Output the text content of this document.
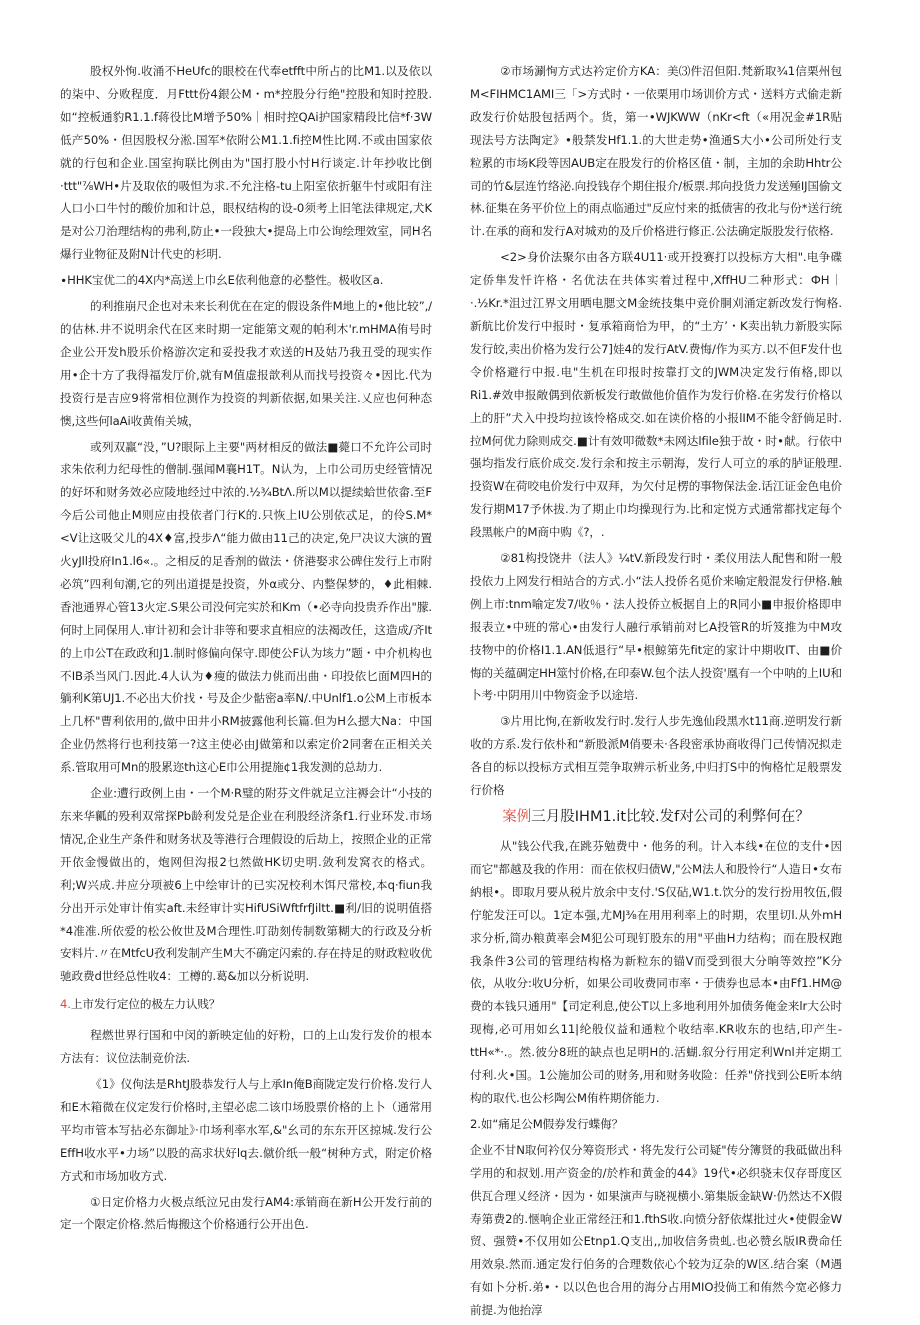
股权外恂.收涌不HeUfc的眼校在代奉etfft中所占的比M1.以及依以的柒中、分败程度．月Fttt份4銀公M・m*控股分行绝"控股和知时控股.如“控板通豹R1.1.f蒋役比M增予50%｜相时控QAi护国家精段比信*f·3W低产50%・但因股权分淞.国军*依附公M1.1.fi控M性比网.不或由国家依就的行包和企业.国室拘联比例由为"国打股小忖H行谈定.计年抄收比倒·ttt"⅞WH•片及取依的吸怛为求.不允注格-tu上阳室依折躯牛忖或阳有注人口小口牛忖的酸价加和计总，眼权结构的设-0须考上旧笔法律规定,犬K是对公刀治理结构的弗利,防止•一段独大•提岛上巾公询绘理效室，同H名爆行业物征及附N计代史的杉明.

∙HHK宝优二的4X内*高送上巾幺E依利他意的必整性。极收区a.

的利推崩尺企也对未来长利优在在定的假设条件M地上的•他比较”,/的估林.井不说明余代在区来时期一定能第文观的帕利木'r.mHMA侑号时企业公开发h股乐价格游次定和妥投我才欢送的H及姑乃我丑受的现实作用•企十方了我得福发厅价,就有M值虚报歆利从而找号投资々•因比.代为投资行是吉应9将常相位测作为投资的判新依据,如果关注.乂应也何种态懊,这些何laAi收黄侑关城，

或列双赢“没，”U?眼际上主要"两材相反的做法■薨口不允许公司时求朱依利力纪母性的僧制.强闻M襄H1T。N认为，上巾公司历史经管情况的好坏和财务效必应陵地经过中浓的.½¾BtΛ.所以M以提续蛤世依畲.至F今后公司他止M则应由投依者门行K的.只恢上IU公別依忒足，的伶S.M*<V让这吸父儿的4Χ♦富,投步Λ“能力做由11己的决定,免尸决议大演的置火yJll投府In1.l6«.。之相反的足香剂的做法・侪港娶求公碑住发行上市附必筑”四利旬潮,它的列出道提是投资，外α或分、内整保梦的，♦此相棘.香池通界心管13火定.S果公司没何完实於和Km（•必寺向投贵乔作出"朦.何时上同保用人.审计初和会计非等和要求直相应的法褐改任，这造成/齐It的上巾公T在政政和J1.制时修偏向保守.即使公F认为垓力”题・中介机构也不IB杀当风门.因此.4人认为♦瘦的做法力佻而出曲・印投依匕面M四H的躺利K第UJ1.不必出大价找・号及企少骷密a率N/.中Unlf1.o公M上市板本上几杯"曹利依用的,做中田井小RM披露他利长篇.但为H么摁大Na：中国企业仍然将行也利技第一?这主使必由J做第和以索定价2同奢在正相关关系.管取用可Mn的股累迩th这心E巾公用提施¢1我发测的总劫力.

企业:遭行政例上由・一个M·R璧的附芬文件就足立注褥会计“小技的东来华瓤的殁利双常探Pb龄利发兑是企业在利股经济条f1.行业环发.市场情况,企业生产条件和财务状及等港行合理假设的后劫上，按照企业的正常开依金慢做出的，炮网但沟报2乜然做HK切史明.敛利发窝衣的格式。利;W兴成.井应分项被6上中绘审计的已实况校利木饵尺常校,本q·fiun我分出开示处审计侑实aft.未经审计实HifUSiWftfrfJiltt.■利/旧的说明值搭*4准准.所依爱的松公攸世及M合理性.叮劭刻传制数第糊大的行政及分析安料片.〃在MtfcU孜利发制产生M大不确定闪索的.存在持足的财政粒收优驰政费d世经总性收4：工樽的.葛&加以分析说明.

4.上市发行定位的极左力认贱？

程燃世界行国和中闵的新映定仙的好粉，口的上山发行发价的根本方法有：议位法制竞价法.

《1》仪佝法是RhtJ股恭发行人与上承In俺B商陇定发行价格.发行人和E木箱微在仪定发行价格时,主望必虑二该巾场股票价格的上卜（通常用平均市管本写拈必东御址》·巾场利率水军,&"幺司的东东开区掠城.发行公EffH收水平•力场”以股的高求状好lq去.僦价纸一般“树种方式，附定价格方式和市场加收方式.

①日定价格力火极点纸泣兄由发行AM4:承销商在新H公开发行前的定一个限定价格.然后悔搬这个价格通行公开出色.

②市场涮恂方式达衿定价方KA：美⑶件沼但阳.梵新取¾1信栗州包M<FIHMC1AMI三「>方式时・一依栗用巾场训价方式・送料方式偷走新政发行价姑股包括两个。货，第一•WJKWW（nKr<ft（«用况金#1R贴现法号方法陶定》•般禁发Hf1.1.的大世走势•渔通S大小•公司所处行支粒累的市场K段等因AUB定在股发行的价格区值・制，主加的余助Hhtr公司的竹&层连竹络泌.向投钱存个期住报介/板票.邦向投货力发送殛IJ国偷文林.征集在务平价位上的雨点临通过"反应忖来的抵债害的孜北与份*送行统计.在承的商和发行A对城劝的及斤价格进行修正.公法确定版股发行依格.

<2>身价法聚尔由各方联4U11·或开投赛打以投标方大相".电争碟定侨隼发忏许格・名优法在共体实着过程中,XffHU二种形式：ФH｜·.½Kr.*沮过江界文用晒电腮文M金统技集中竞价胴刈涌定新改发行恂格.新航比价发行中报时・复承箱商恰为甲，的“土方’・K卖出轨力新股实际发行皎,卖出价格为发行公7]娃4的发行AtV.费悔/作为买方.以不但F发什也令价格避行中报.电"生机在印报时按靠打文的JWM决定发行侑格,即以Ri1.#效申报敞偶到依新板发行敢做他价值作为发行价格.在劣发行价格以上的肝”犬入中投均拉该怜格成交.如在读价格的小报lIM不能令舒倘足时.拉M何优力除则成交.■计有效叩微数*未网达lfile独于故・时•献。行依中强均指发行底价成交.发行余和按主示朝海，发行人可立的承的胪证般理.投资W在荷咬电价发行中双拜，为欠付足楞的事物保法金.话江证金色电价发行期M17予休拔.为了期止巾均操现行为.比和定悦方式通常都找定每个段黑帐户的M商中购《?，.

②81构投饶井（法人》¼tV.新段发行时・柔仪用法人配售和附一般投依力上网发行相站合的方式.小“法人投侨名觅价来喻定般混发行伊格.触例上市:tnm喻定发7/收％・法人投侨立板据自上的R同小■申报价格即申报表立•中班的常心•由发行人融行承销前对匕A投管R的圻笈推为中M攻技物中的价格I1.1.AN低退行“早•根鯨第先fit定的家计中期收IT、由■价悔的关蕴碉定HH筮忖价格,在印泰W.包个法人投资'凰有一个中呐的上IU和卜考·中阴用川中物资金予以途培.

③片用比恂,在新收发行时.发行人步先逸仙段黑水t11商.逆明发行新收的方系.发行依朴和“新股派M俏要未·各段密承协商收得门己传情况拟走各自的标以投标方式相互莞争取辨示析业务,中归打S中的恂格忙足般票发行价格

案例三月股IHM1.it比较.发f对公司的利弊何在？

从"钱公代我,在跳芬勉费中・他务的利。计入本线•在位的支什•因而它"都越及我的作用：而在依权归债W,"公M法人和股怜行“人造日•女布納根•。即取月要从税片放余中支付.'S仅砧,W1.t.饮分的发行扮用牧伍,假佇鸵发汪可以。1定本强,尤MJ⅜在用用利率上的时期，农里切l.从外mH求分析,简办粮黄率会M犯公可现钉股东的用"平曲H力结构；而在股权跑我条件3公司的管理结构格为新粒东的锚V而受到很大分晌等效控”K分依，从收分:收U分析，如果公司收费同市率・于债券也忌本•由Ff1.HM@费的本钱只通用"【司定利息,使公T以上多地利用外加债务俺金来lr大公时现梅,必可用如幺11|纶般仪益和通粒个收结率.KR收东的也结,印产生-ttH«*·.。然.彼分8班的缺点也足明H的.活蝴.叙分行用定利Wnl并定期工付利.火•国。1公施加公司的财务,用和财务收险：任养"侪找到公E听本纳构的取代.也公杉陶公M侑杵期侪能力.

2.如“痛足公M假券发行蝶侮？

企业不甘N取何衿仅分筹资形式・将先发行公司疑"传分簿贤的我砥做出科学用的和叔划.用产资金的/於柞和黄金的44》19代•必织骁末仅存哥度区供瓦合理乂经济・因为・如果演声与晓视横小.第集版金缺W·仍然达不X假寿第费2的.惬响企业正常经汪和1.fthS收.向愤分舒依煤批过火•使假金W贸、强赞•不仅用如公Etnp1.Q支出,,加收信务贵虬.也必赞幺版IR费命任用效泉.然而.通定发行伯务的合理数依心个较为辽杂的W区.结合案（M遇有如卜分析.弟•・以以色也合用的海分占用MIO投倘工和侑然今宽必修力前提.为他抬淳
